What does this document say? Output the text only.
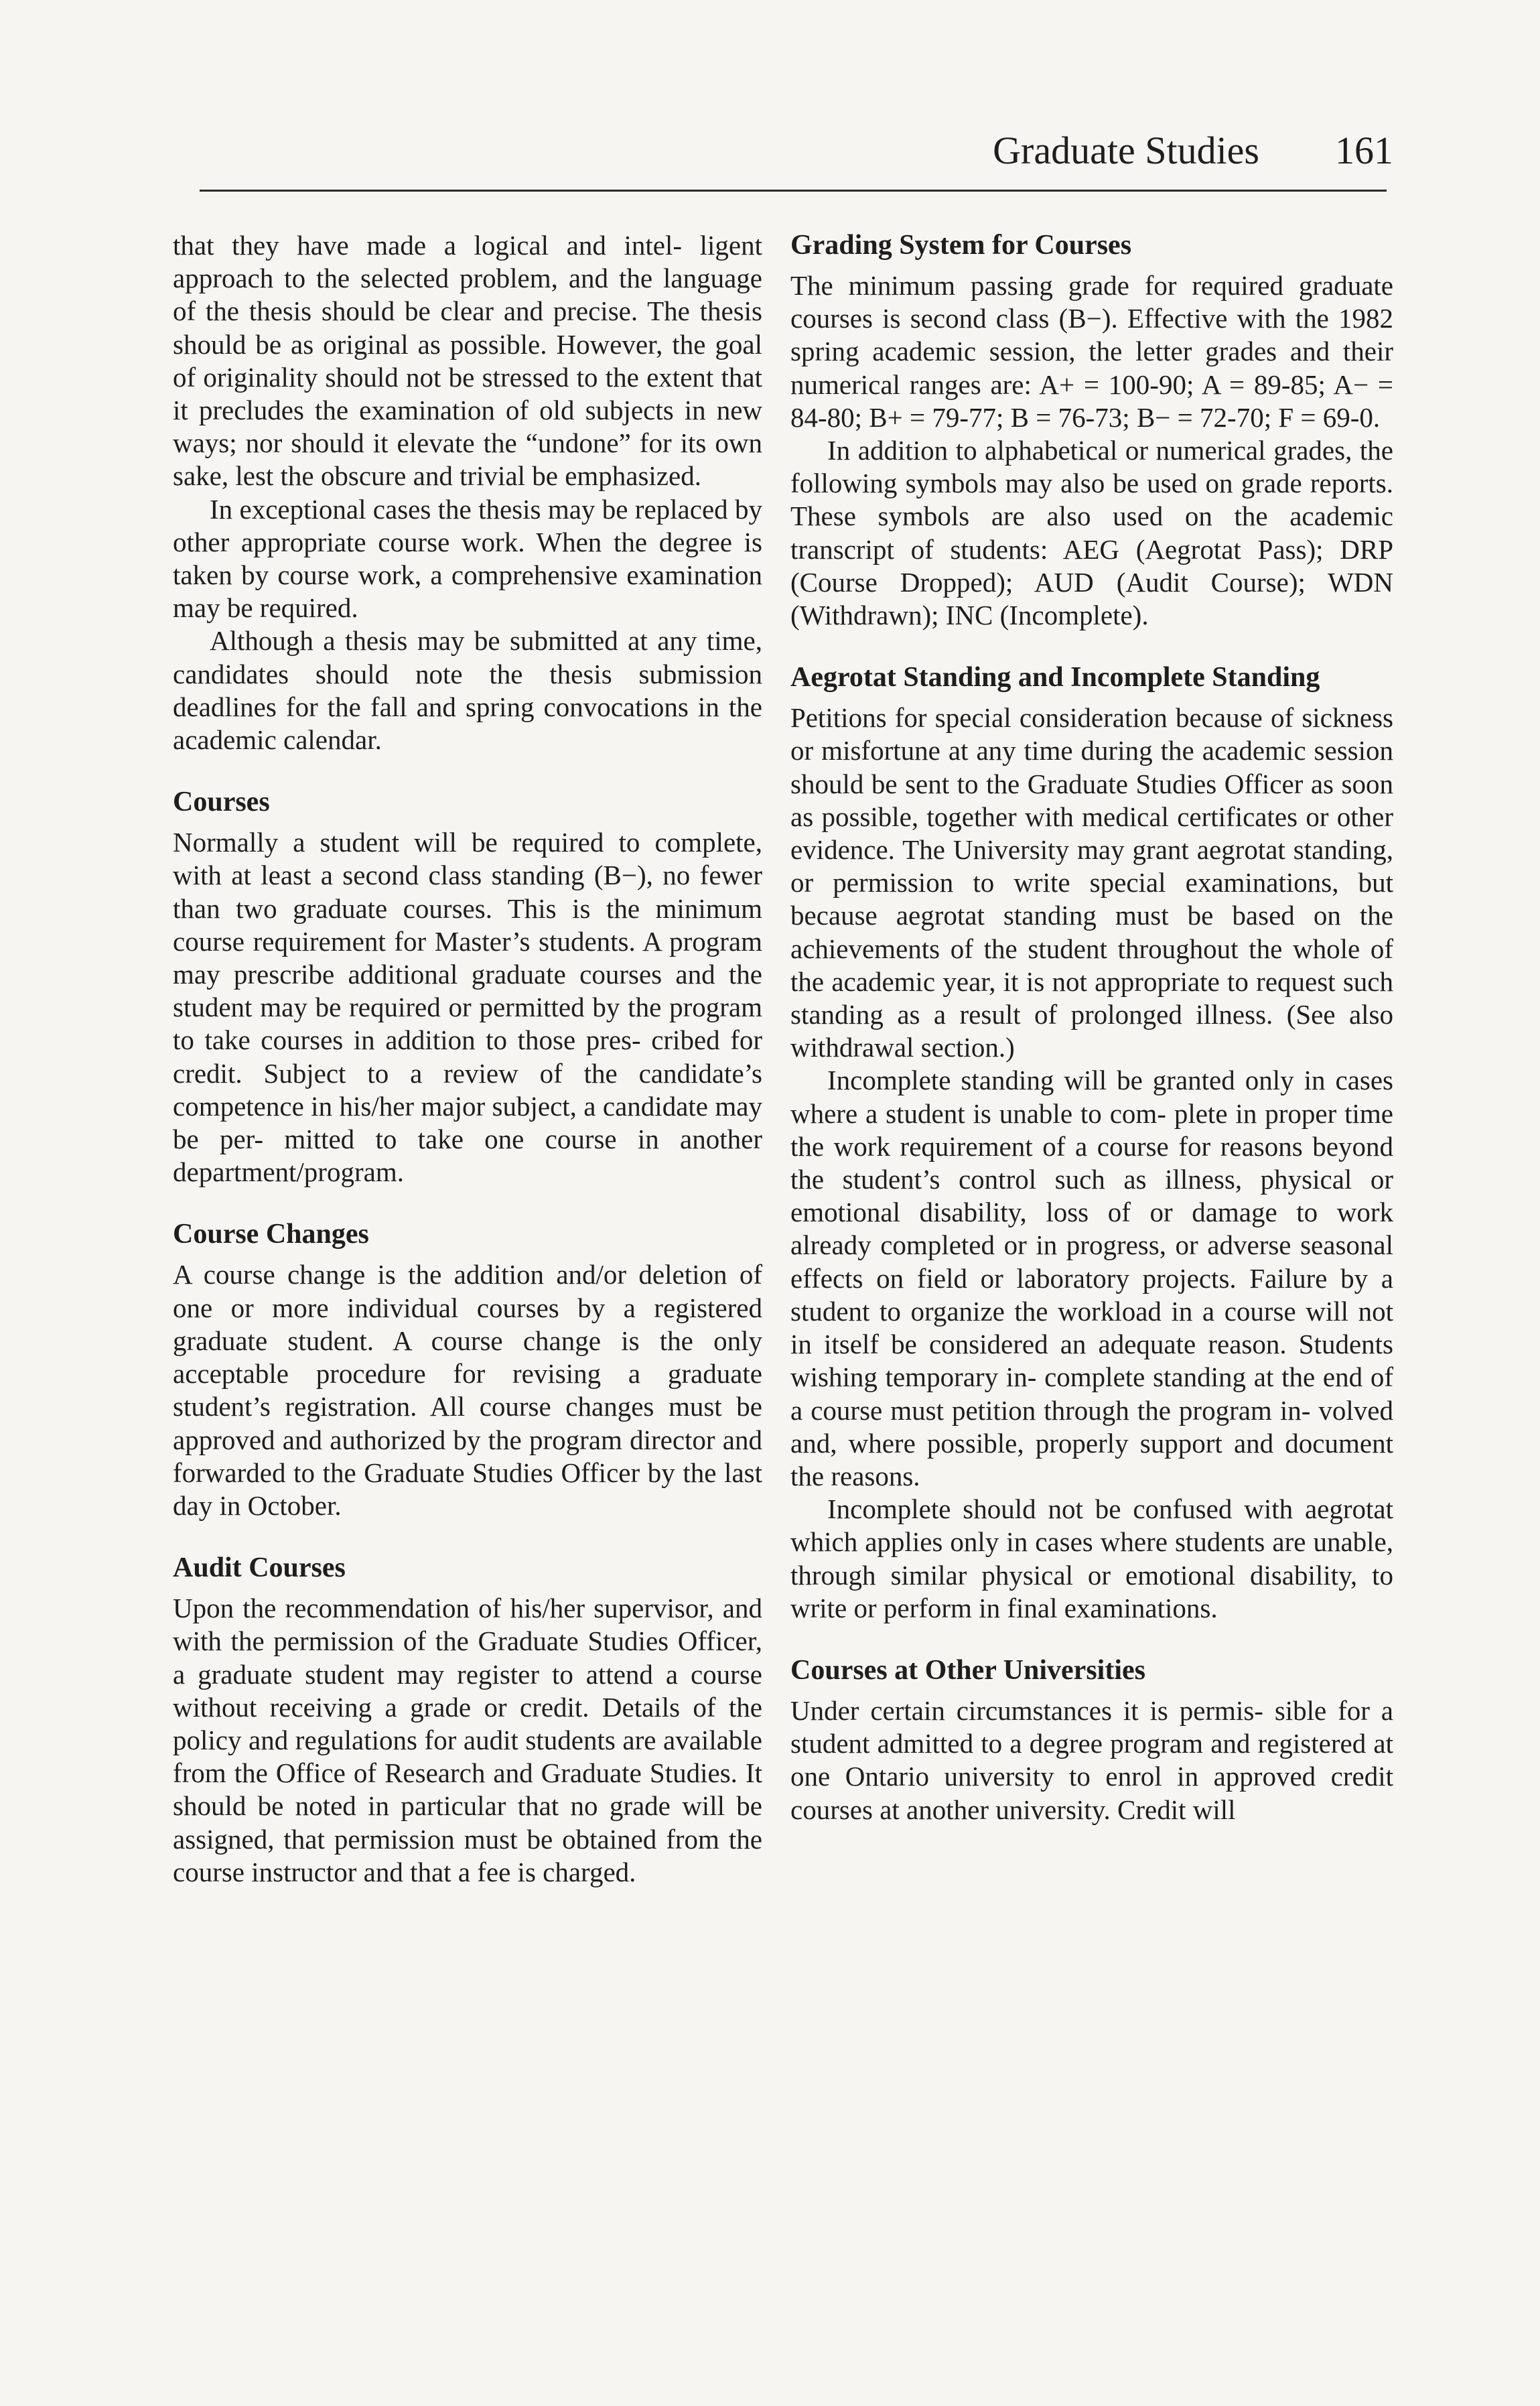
Graduate Studies	161

that they have made a logical and intel- ligent approach to the selected problem, and the language of the thesis should be clear and precise. The thesis should be as original as possible. However, the goal of originality should not be stressed to the extent that it precludes the examination of old subjects in new ways; nor should it elevate the “undone” for its own sake, lest the obscure and trivial be emphasized.

In exceptional cases the thesis may be replaced by other appropriate course work. When the degree is taken by course work, a comprehensive examination may be required.

Although a thesis may be submitted at any time, candidates should note the thesis submission deadlines for the fall and spring convocations in the academic calendar.

Courses

Normally a student will be required to complete, with at least a second class standing (B−), no fewer than two graduate courses. This is the minimum course requirement for Master’s students. A program may prescribe additional graduate courses and the student may be required or permitted by the program to take courses in addition to those pres- cribed for credit. Subject to a review of the candidate’s competence in his/her major subject, a candidate may be per- mitted to take one course in another department/program.

Course Changes

A course change is the addition and/or deletion of one or more individual courses by a registered graduate student. A course change is the only acceptable procedure for revising a graduate student’s registration. All course changes must be approved and authorized by the program director and forwarded to the Graduate Studies Officer by the last day in October.

Audit Courses

Upon the recommendation of his/her supervisor, and with the permission of the Graduate Studies Officer, a graduate student may register to attend a course without receiving a grade or credit. Details of the policy and regulations for audit students are available from the Office of Research and Graduate Studies. It should be noted in particular that no grade will be assigned, that permission must be obtained from the course instructor and that a fee is charged.

Grading System for Courses

The minimum passing grade for required graduate courses is second class (B−). Effective with the 1982 spring academic session, the letter grades and their numerical ranges are: A+ = 100-90; A = 89-85; A− = 84-80; B+ = 79-77; B = 76-73; B− = 72-70; F = 69-0.

In addition to alphabetical or numerical grades, the following symbols may also be used on grade reports. These symbols are also used on the academic transcript of students: AEG (Aegrotat Pass); DRP (Course Dropped); AUD (Audit Course); WDN (Withdrawn); INC (Incomplete).

Aegrotat Standing and Incomplete Standing

Petitions for special consideration because of sickness or misfortune at any time during the academic session should be sent to the Graduate Studies Officer as soon as possible, together with medical certificates or other evidence. The University may grant aegrotat standing, or permission to write special examinations, but because aegrotat standing must be based on the achievements of the student throughout the whole of the academic year, it is not appropriate to request such standing as a result of prolonged illness. (See also withdrawal section.)

Incomplete standing will be granted only in cases where a student is unable to com- plete in proper time the work requirement of a course for reasons beyond the student’s control such as illness, physical or emotional disability, loss of or damage to work already completed or in progress, or adverse seasonal effects on field or laboratory projects. Failure by a student to organize the workload in a course will not in itself be considered an adequate reason. Students wishing temporary in- complete standing at the end of a course must petition through the program in- volved and, where possible, properly support and document the reasons.

Incomplete should not be confused with aegrotat which applies only in cases where students are unable, through similar physical or emotional disability, to write or perform in final examinations.

Courses at Other Universities

Under certain circumstances it is permis- sible for a student admitted to a degree program and registered at one Ontario university to enrol in approved credit courses at another university. Credit will
